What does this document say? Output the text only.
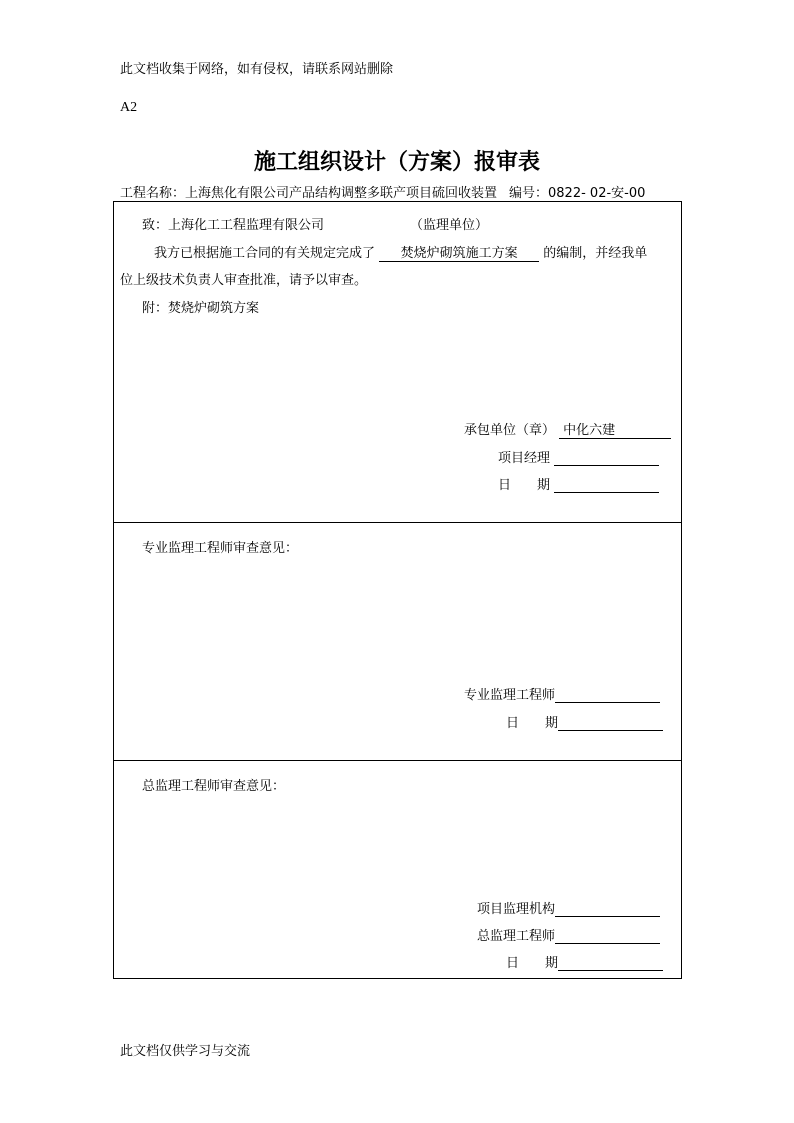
此文档收集于网络，如有侵权，请联系网站删除
A2
施工组织设计（方案）报审表
工程名称：上海焦化有限公司产品结构调整多联产项目硫回收装置 编号：0822- 02-安-00
致：上海化工工程监理有限公司	（监理单位）
我方已根据施工合同的有关规定完成了 焚烧炉砌筑施工方案 的编制，并经我单
位上级技术负责人审查批准，请予以审查。
附：焚烧炉砌筑方案
承包单位（章） 中化六建
项目经理
日　　期
专业监理工程师审查意见：
专业监理工程师
日　　期
总监理工程师审查意见：
项目监理机构
总监理工程师
日　　期
此文档仅供学习与交流
